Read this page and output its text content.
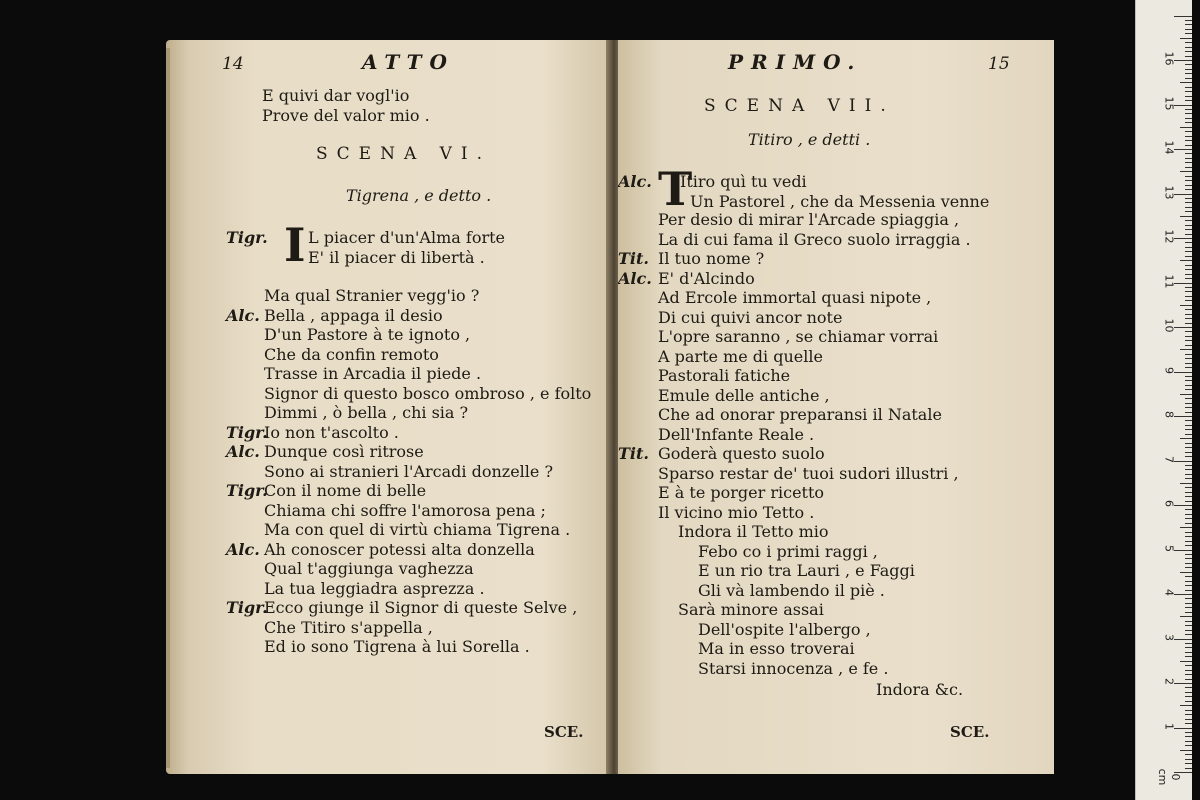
14	ATTO
E quivi dar vogl'io
Prove del valor mio .
SCENA VI.
Tigrena , e detto .
Tigr. I L piacer d'un'Alma forte
E' il piacer di libertà .
Ma qual Stranier vegg'io ?
Alc. Bella , appaga il desio
D'un Pastore à te ignoto ,
Che da confin remoto
Trasse in Arcadia il piede .
Signor di questo bosco ombroso , e folto
Dimmi , ò bella , chi sia ?
Tigr.
Io non t'ascolto .
Alc. Dunque così ritrose
Sono ai stranieri l'Arcadi donzelle ?
Tigr.
Con il nome di belle
Chiama chi soffre l'amorosa pena ;
Ma con quel di virtù chiama Tigrena .
Alc. Ah conoscer potessi alta donzella
Qual t'aggiunga vaghezza
La tua leggiadra asprezza .
Tigr.
Ecco giunge il Signor di queste Selve ,
Che Titiro s'appella ,
Ed io sono Tigrena à lui Sorella .
SCE.
PRIMO.	15
SCENA VII.
Titiro , e detti .
Alc. T
Itiro quì tu vedi
Un Pastorel , che da Messenia venne
Per desio di mirar l'Arcade spiaggia ,
La di cui fama il Greco suolo irraggia .
Tit. Il tuo nome ?
Alc. E' d'Alcindo
Ad Ercole immortal quasi nipote ,
Di cui quivi ancor note
L'opre saranno , se chiamar vorrai
A parte me di quelle
Pastorali fatiche
Emule delle antiche ,
Che ad onorar preparansi il Natale
Dell'Infante Reale .
Tit. Goderà questo suolo
Sparso restar de' tuoi sudori illustri ,
E à te porger ricetto
Il vicino mio Tetto .
Indora il Tetto mio
Febo co i primi raggi ,
E un rio tra Lauri , e Faggi
Gli và lambendo il piè .
Sarà minore assai
Dell'ospite l'albergo ,
Ma in esso troverai
Starsi innocenza , e fe .
Indora &c.
SCE.
16
15
14
13
12
11
10
9
8
7
6
5
4
3
2
1
0 cm
